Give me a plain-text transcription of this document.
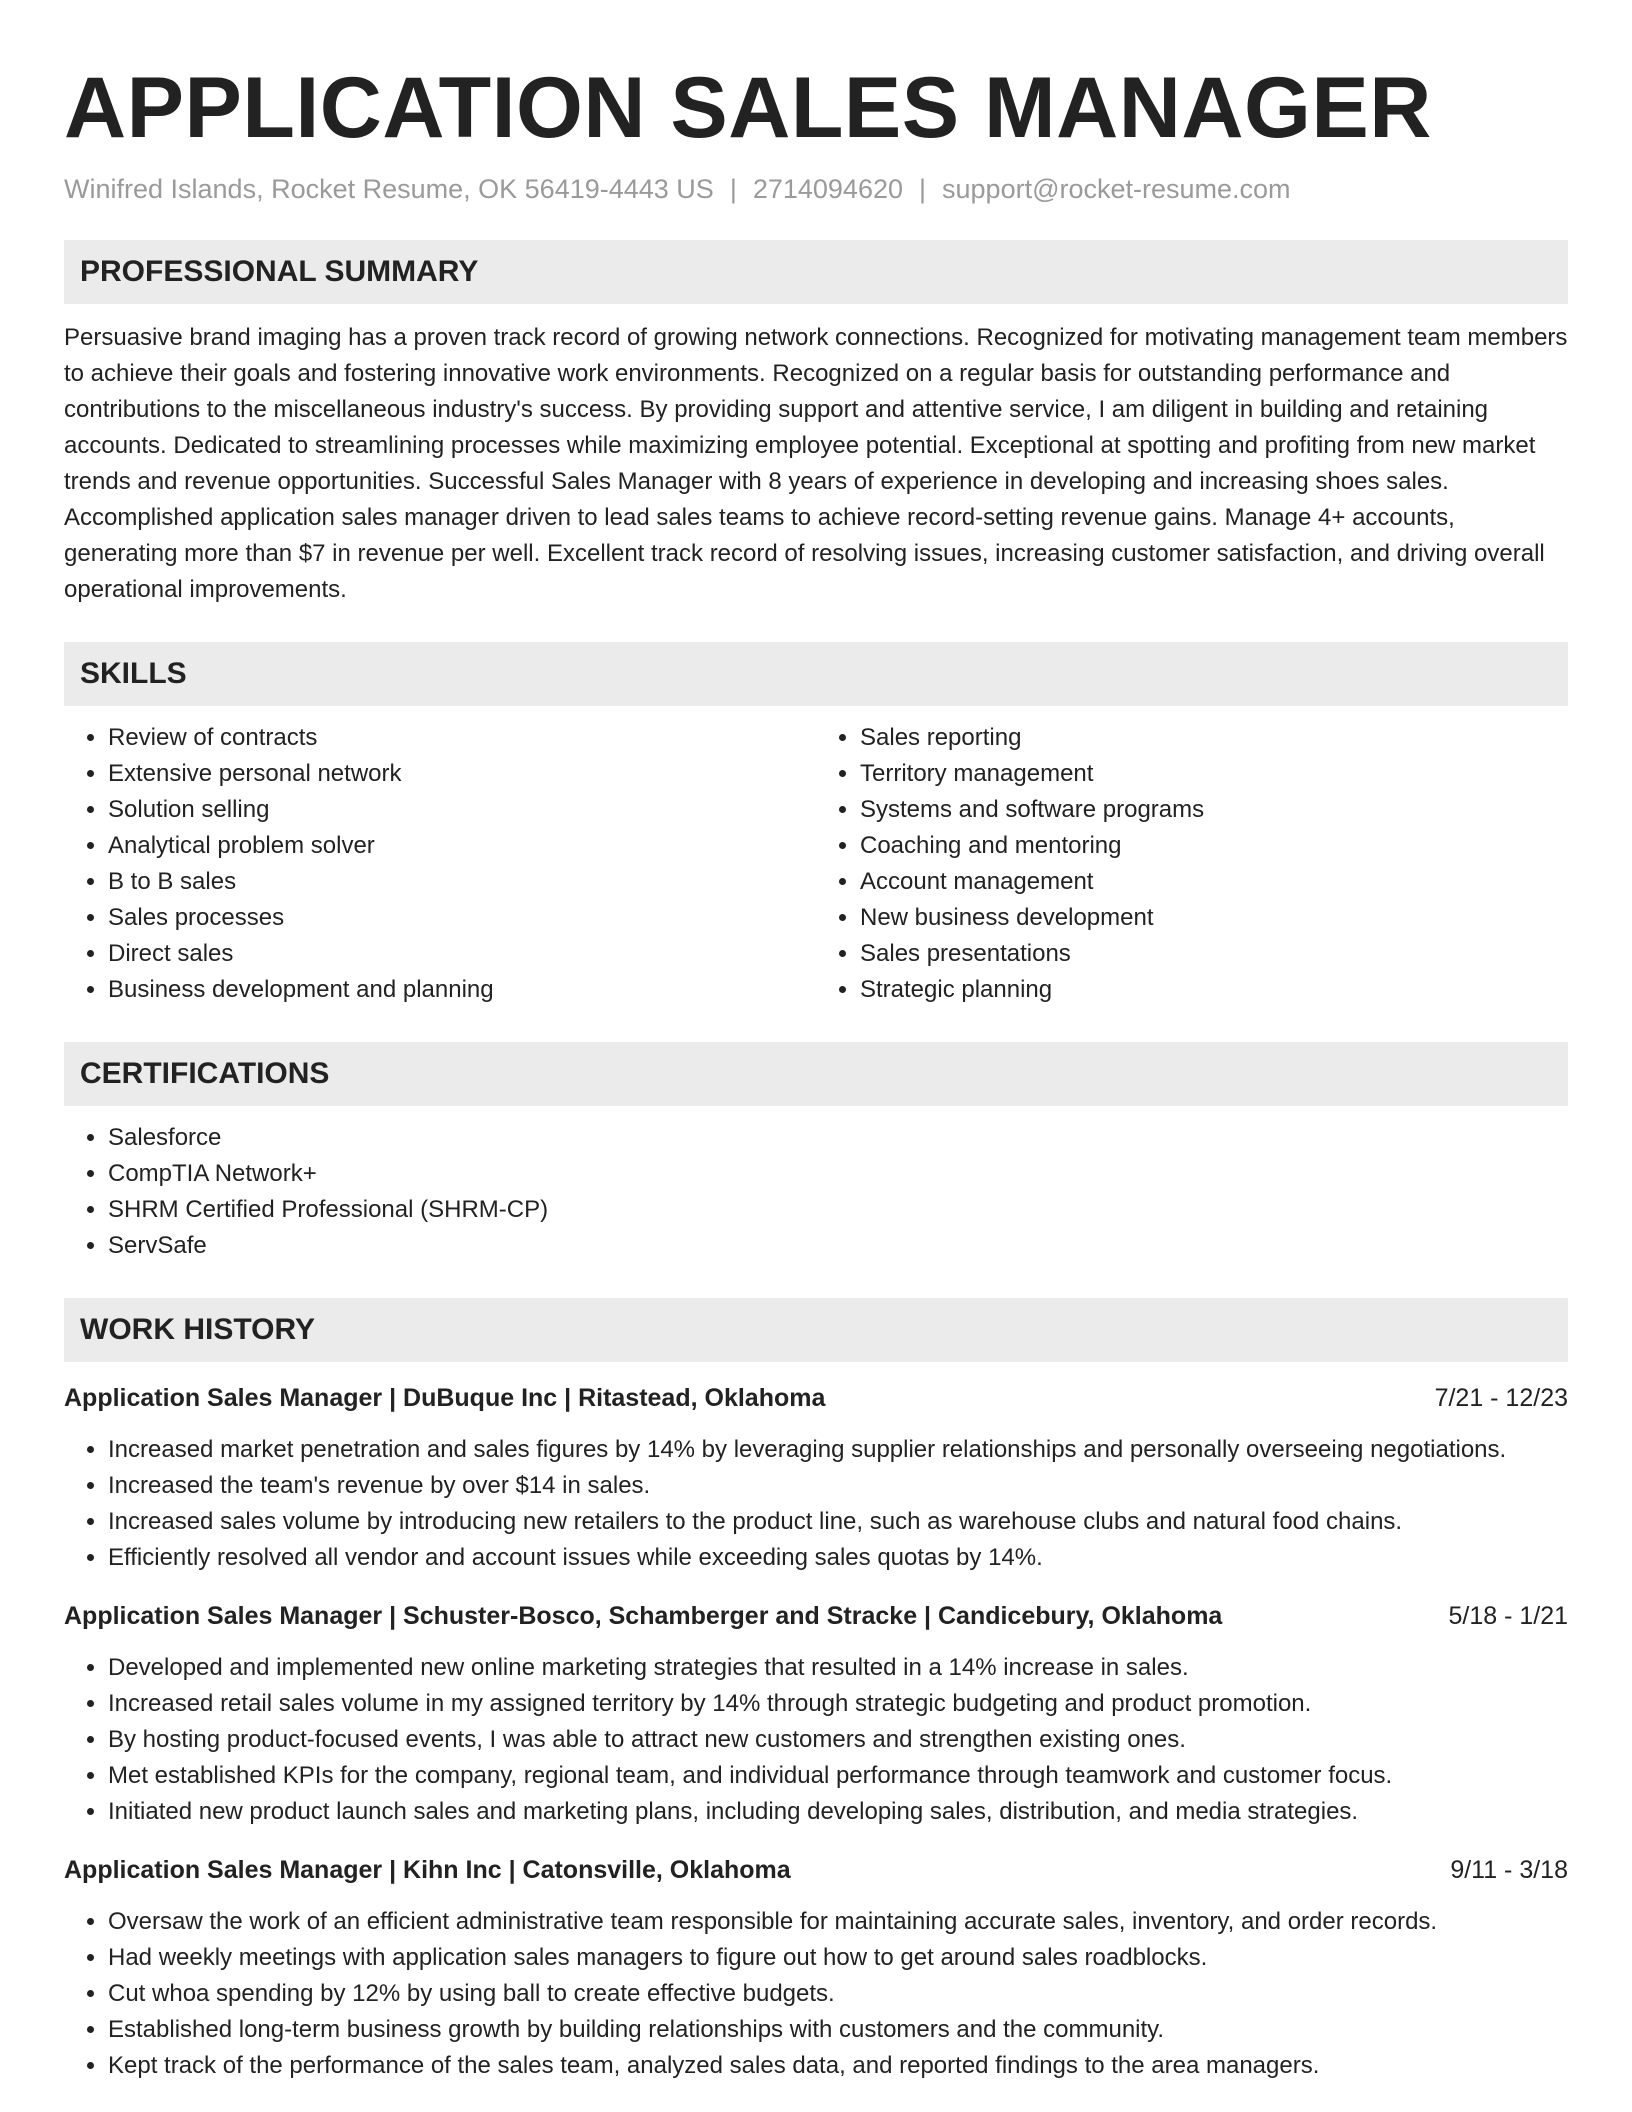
APPLICATION SALES MANAGER
Winifred Islands, Rocket Resume, OK 56419-4443 US | 2714094620 | support@rocket-resume.com
PROFESSIONAL SUMMARY
Persuasive brand imaging has a proven track record of growing network connections. Recognized for motivating management team members to achieve their goals and fostering innovative work environments. Recognized on a regular basis for outstanding performance and contributions to the miscellaneous industry's success. By providing support and attentive service, I am diligent in building and retaining accounts. Dedicated to streamlining processes while maximizing employee potential. Exceptional at spotting and profiting from new market trends and revenue opportunities. Successful Sales Manager with 8 years of experience in developing and increasing shoes sales. Accomplished application sales manager driven to lead sales teams to achieve record-setting revenue gains. Manage 4+ accounts, generating more than $7 in revenue per well. Excellent track record of resolving issues, increasing customer satisfaction, and driving overall operational improvements.
SKILLS
• Review of contracts
• Extensive personal network
• Solution selling
• Analytical problem solver
• B to B sales
• Sales processes
• Direct sales
• Business development and planning
• Sales reporting
• Territory management
• Systems and software programs
• Coaching and mentoring
• Account management
• New business development
• Sales presentations
• Strategic planning
CERTIFICATIONS
• Salesforce
• CompTIA Network+
• SHRM Certified Professional (SHRM-CP)
• ServSafe
WORK HISTORY
Application Sales Manager | DuBuque Inc | Ritastead, Oklahoma	7/21 - 12/23
• Increased market penetration and sales figures by 14% by leveraging supplier relationships and personally overseeing negotiations.
• Increased the team's revenue by over $14 in sales.
• Increased sales volume by introducing new retailers to the product line, such as warehouse clubs and natural food chains.
• Efficiently resolved all vendor and account issues while exceeding sales quotas by 14%.
Application Sales Manager | Schuster-Bosco, Schamberger and Stracke | Candicebury, Oklahoma	5/18 - 1/21
• Developed and implemented new online marketing strategies that resulted in a 14% increase in sales.
• Increased retail sales volume in my assigned territory by 14% through strategic budgeting and product promotion.
• By hosting product-focused events, I was able to attract new customers and strengthen existing ones.
• Met established KPIs for the company, regional team, and individual performance through teamwork and customer focus.
• Initiated new product launch sales and marketing plans, including developing sales, distribution, and media strategies.
Application Sales Manager | Kihn Inc | Catonsville, Oklahoma	9/11 - 3/18
• Oversaw the work of an efficient administrative team responsible for maintaining accurate sales, inventory, and order records.
• Had weekly meetings with application sales managers to figure out how to get around sales roadblocks.
• Cut whoa spending by 12% by using ball to create effective budgets.
• Established long-term business growth by building relationships with customers and the community.
• Kept track of the performance of the sales team, analyzed sales data, and reported findings to the area managers.
